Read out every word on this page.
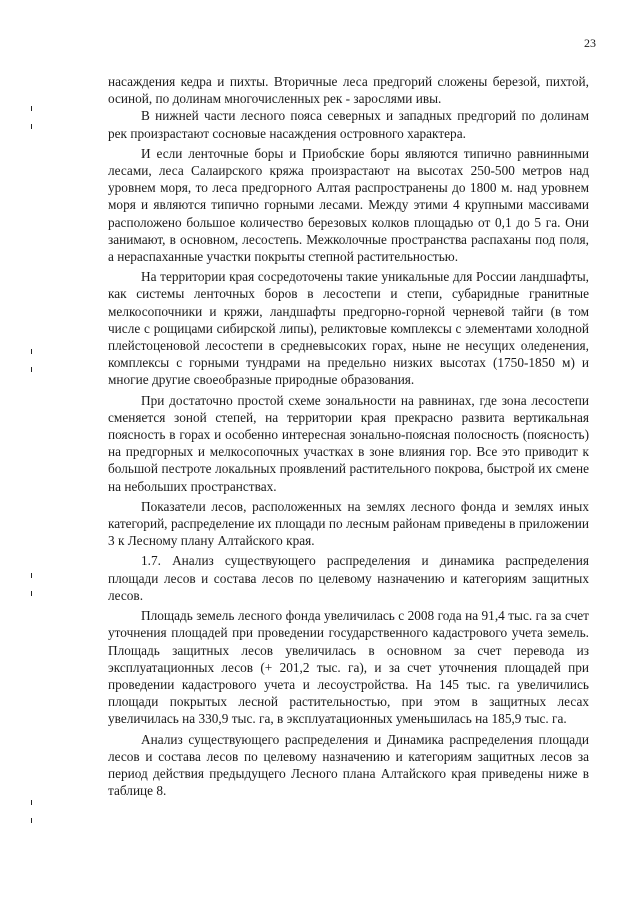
23

насаждения кедра и пихты. Вторичные леса предгорий сложены березой, пихтой, осиной, по долинам многочисленных рек - зарослями ивы.

В нижней части лесного пояса северных и западных предгорий по долинам рек произрастают сосновые насаждения островного характера.

И если ленточные боры и Приобские боры являются типично равнинными лесами, леса Салаирского кряжа произрастают на высотах 250-500 метров над уровнем моря, то леса предгорного Алтая распространены до 1800 м. над уровнем моря и являются типично горными лесами. Между этими 4 крупными массивами расположено большое количество березовых колков площадью от 0,1 до 5 га. Они занимают, в основном, лесостепь. Межколочные пространства распаханы под поля, а нераспаханные участки покрыты степной растительностью.

На территории края сосредоточены такие уникальные для России ландшафты, как системы ленточных боров в лесостепи и степи, субаридные гранитные мелкосопочники и кряжи, ландшафты предгорно-горной черневой тайги (в том числе с рощицами сибирской липы), реликтовые комплексы с элементами холодной плейстоценовой лесостепи в средневысоких горах, ныне не несущих оледенения, комплексы с горными тундрами на предельно низких высотах (1750-1850 м) и многие другие своеобразные природные образования.

При достаточно простой схеме зональности на равнинах, где зона лесостепи сменяется зоной степей, на территории края прекрасно развита вертикальная поясность в горах и особенно интересная зонально-поясная полосность (поясность) на предгорных и мелкосопочных участках в зоне влияния гор. Все это приводит к большой пестроте локальных проявлений растительного покрова, быстрой их смене на небольших пространствах.

Показатели лесов, расположенных на землях лесного фонда и землях иных категорий, распределение их площади по лесным районам приведены в приложении 3 к Лесному плану Алтайского края.

1.7. Анализ существующего распределения и динамика распределения площади лесов и состава лесов по целевому назначению и категориям защитных лесов.

Площадь земель лесного фонда увеличилась с 2008 года на 91,4 тыс. га за счет уточнения площадей при проведении государственного кадастрового учета земель. Площадь защитных лесов увеличилась в основном за счет перевода из эксплуатационных лесов (+ 201,2 тыс. га), и за счет уточнения площадей при проведении кадастрового учета и лесоустройства. На 145 тыс. га увеличились площади покрытых лесной растительностью, при этом в защитных лесах увеличилась на 330,9 тыс. га, в эксплуатационных уменьшилась на 185,9 тыс. га.

Анализ существующего распределения и Динамика распределения площади лесов и состава лесов по целевому назначению и категориям защитных лесов за период действия предыдущего Лесного плана Алтайского края приведены ниже в таблице 8.
